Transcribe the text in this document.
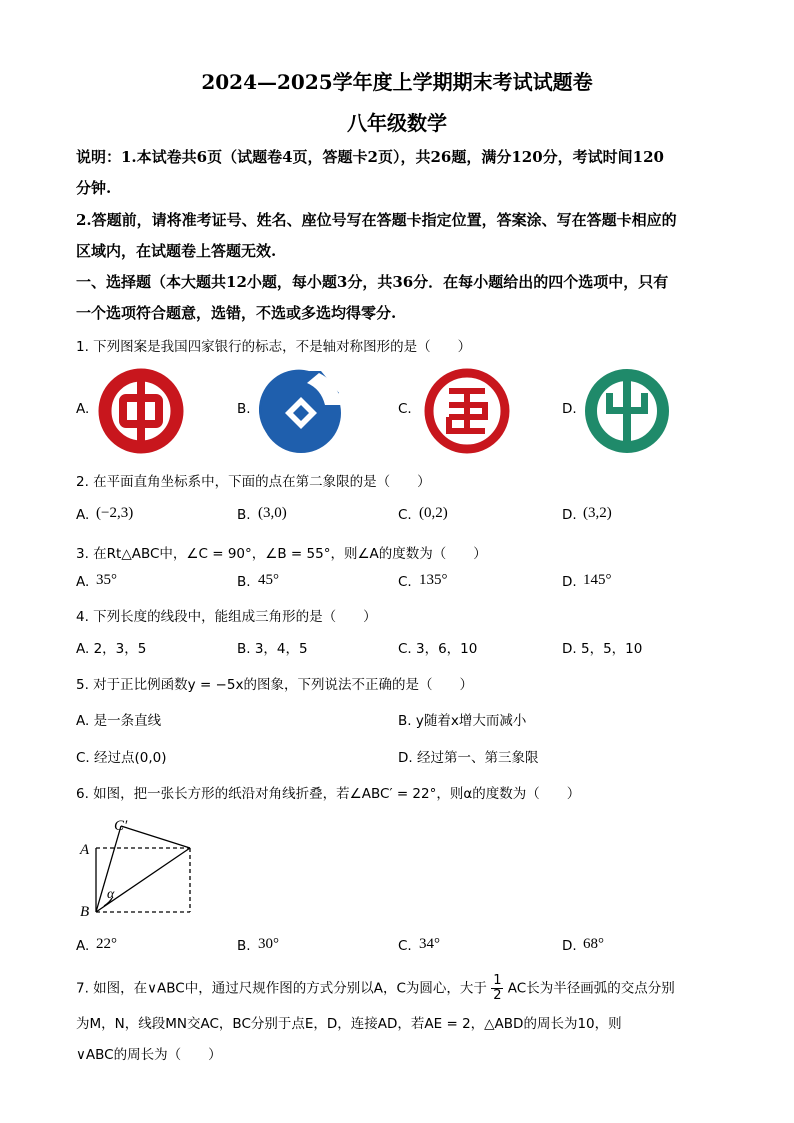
2024—2025学年度上学期期末考试试题卷
八年级数学
说明：1.本试卷共6页（试题卷4页，答题卡2页），共26题，满分120分，考试时间120
分钟.
2.答题前，请将准考证号、姓名、座位号写在答题卡指定位置，答案涂、写在答题卡相应的
区域内，在试题卷上答题无效.
一、选择题（本大题共12小题，每小题3分，共36分．在每小题给出的四个选项中，只有
一个选项符合题意，选错，不选或多选均得零分.
1. 下列图案是我国四家银行的标志，不是轴对称图形的是（　　）
A.	B.	C.	D.
2. 在平面直角坐标系中，下面的点在第二象限的是（　　）
A. (−2,3)	B. (3,0)	C. (0,2)	D. (3,2)
3. 在Rt△ABC中，∠C = 90°，∠B = 55°，则∠A的度数为（　　）
A. 35°	B. 45°	C. 135°	D. 145°
4. 下列长度的线段中，能组成三角形的是（　　）
A. 2，3，5	B. 3，4，5	C. 3，6，10	D. 5，5，10
5. 对于正比例函数y = −5x的图象，下列说法不正确的是（　　）
A. 是一条直线	B. y随着x增大而减小
C. 经过点(0,0)	D. 经过第一、第三象限
6. 如图，把一张长方形的纸沿对角线折叠，若∠ABC′ = 22°，则α的度数为（　　）
C′
A
B
α
A. 22°	B. 30°	C. 34°	D. 68°
7. 如图，在∨ABC中，通过尺规作图的方式分别以A，C为圆心，大于 $\frac{1}{2}$ AC长为半径画弧的交点分别
为M，N，线段MN交AC，BC分别于点E，D，连接AD，若AE = 2，△ABD的周长为10，则
∨ABC的周长为（　　）
